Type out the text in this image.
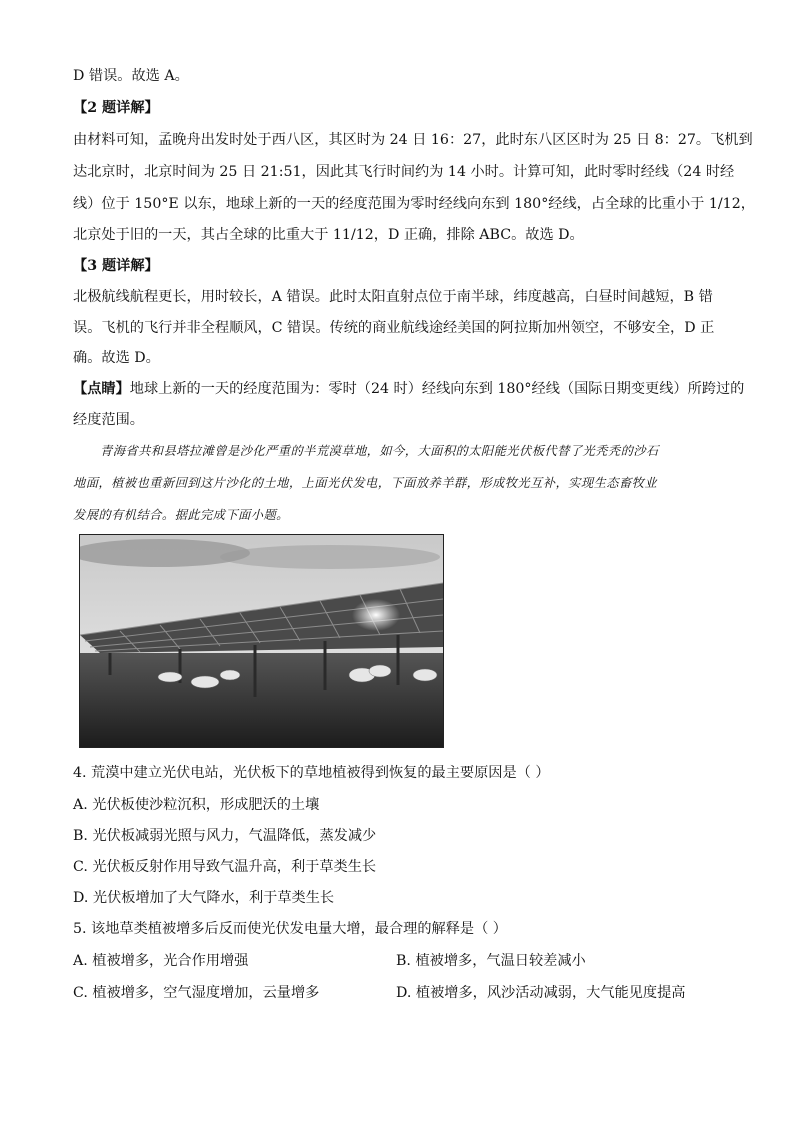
D 错误。故选 A。
【2 题详解】
由材料可知，孟晚舟出发时处于西八区，其区时为 24 日 16：27，此时东八区区时为 25 日 8：27。飞机到
达北京时，北京时间为 25 日 21:51，因此其飞行时间约为 14 小时。计算可知，此时零时经线（24 时经
线）位于 150°E 以东，地球上新的一天的经度范围为零时经线向东到 180°经线，占全球的比重小于 1/12，
北京处于旧的一天，其占全球的比重大于 11/12，D 正确，排除 ABC。故选 D。
【3 题详解】
北极航线航程更长，用时较长，A 错误。此时太阳直射点位于南半球，纬度越高，白昼时间越短，B 错
误。飞机的飞行并非全程顺风，C 错误。传统的商业航线途经美国的阿拉斯加州领空，不够安全，D 正
确。故选 D。
【点睛】地球上新的一天的经度范围为：零时（24 时）经线向东到 180°经线（国际日期变更线）所跨过的
经度范围。
青海省共和县塔拉滩曾是沙化严重的半荒漠草地，如今，大面积的太阳能光伏板代替了光秃秃的沙石
地面，植被也重新回到这片沙化的土地，上面光伏发电，下面放养羊群，形成牧光互补，实现生态畜牧业
发展的有机结合。据此完成下面小题。
4. 荒漠中建立光伏电站，光伏板下的草地植被得到恢复的最主要原因是（ ）
A. 光伏板使沙粒沉积，形成肥沃的土壤
B. 光伏板减弱光照与风力，气温降低，蒸发减少
C. 光伏板反射作用导致气温升高，利于草类生长
D. 光伏板增加了大气降水，利于草类生长
5. 该地草类植被增多后反而使光伏发电量大增，最合理的解释是（ ）
A. 植被增多，光合作用增强	B. 植被增多，气温日较差减小
C. 植被增多，空气湿度增加，云量增多	D. 植被增多，风沙活动减弱，大气能见度提高
